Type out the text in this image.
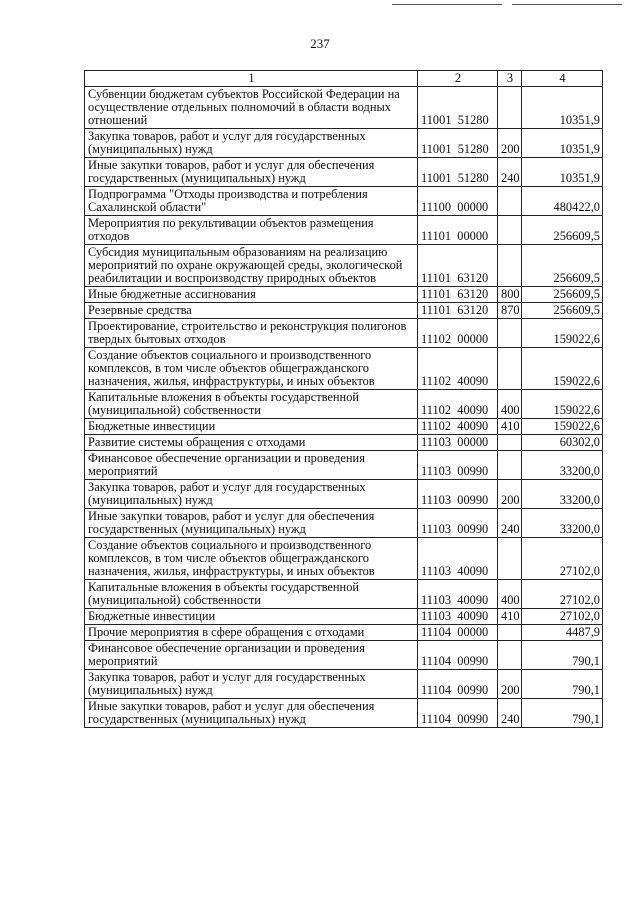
237
1	2	3	4
Субвенции бюджетам субъектов Российской Федерации на осуществление отдельных полномочий в области водных отношений	11001  51280		10351,9
Закупка товаров, работ и услуг для государственных (муниципальных) нужд	11001  51280	200	10351,9
Иные закупки товаров, работ и услуг для обеспечения государственных (муниципальных) нужд	11001  51280	240	10351,9
Подпрограмма "Отходы производства и потребления Сахалинской области"	11100  00000		480422,0
Мероприятия по рекультивации объектов размещения отходов	11101  00000		256609,5
Субсидия муниципальным образованиям на реализацию мероприятий по охране окружающей среды, экологической реабилитации и воспроизводству природных объектов	11101  63120		256609,5
Иные бюджетные ассигнования	11101  63120	800	256609,5
Резервные средства	11101  63120	870	256609,5
Проектирование, строительство и реконструкция полигонов твердых бытовых отходов	11102  00000		159022,6
Создание объектов социального и производственного комплексов, в том числе объектов общегражданского назначения, жилья, инфраструктуры, и иных объектов	11102  40090		159022,6
Капитальные вложения в объекты государственной (муниципальной) собственности	11102  40090	400	159022,6
Бюджетные инвестиции	11102  40090	410	159022,6
Развитие системы обращения с отходами	11103  00000		60302,0
Финансовое обеспечение организации и проведения мероприятий	11103  00990		33200,0
Закупка товаров, работ и услуг для государственных (муниципальных) нужд	11103  00990	200	33200,0
Иные закупки товаров, работ и услуг для обеспечения государственных (муниципальных) нужд	11103  00990	240	33200,0
Создание объектов социального и производственного комплексов, в том числе объектов общегражданского назначения, жилья, инфраструктуры, и иных объектов	11103  40090		27102,0
Капитальные вложения в объекты государственной (муниципальной) собственности	11103  40090	400	27102,0
Бюджетные инвестиции	11103  40090	410	27102,0
Прочие мероприятия в сфере обращения с отходами	11104  00000		4487,9
Финансовое обеспечение организации и проведения мероприятий	11104  00990		790,1
Закупка товаров, работ и услуг для государственных (муниципальных) нужд	11104  00990	200	790,1
Иные закупки товаров, работ и услуг для обеспечения государственных (муниципальных) нужд	11104  00990	240	790,1
